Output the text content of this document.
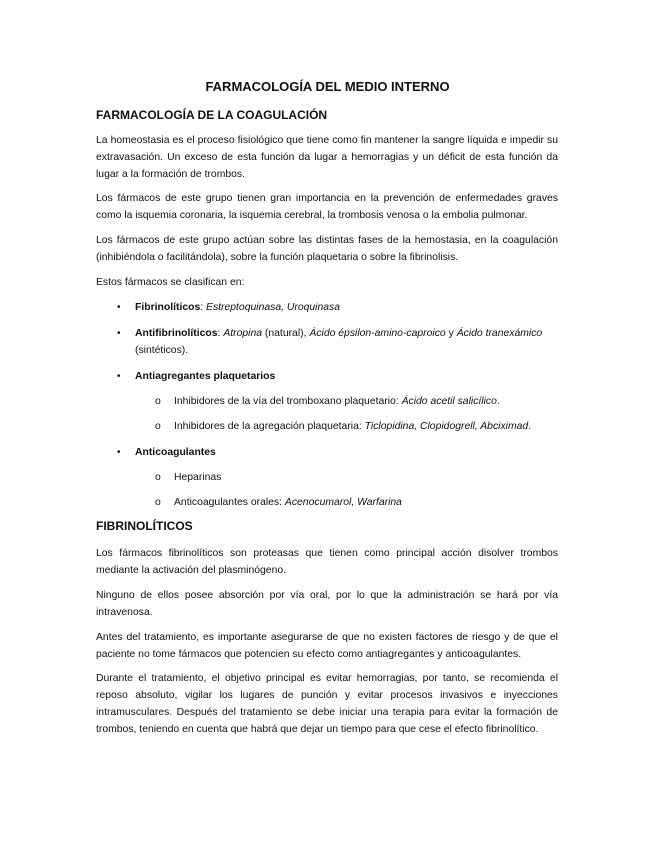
FARMACOLOGÍA DEL MEDIO INTERNO
FARMACOLOGÍA DE LA COAGULACIÓN

La homeostasia es el proceso fisiológico que tiene como fin mantener la sangre líquida e impedir su extravasación. Un exceso de esta función da lugar a hemorragias y un déficit de esta función da lugar a la formación de trombos.

Los fármacos de este grupo tienen gran importancia en la prevención de enfermedades graves como la isquemia coronaria, la isquemia cerebral, la trombosis venosa o la embolia pulmonar.

Los fármacos de este grupo actúan sobre las distintas fases de la hemostasia, en la coagulación (inhibiéndola o facilitándola), sobre la función plaquetaria o sobre la fibrinolisis.

Estos fármacos se clasifican en:

• Fibrinolíticos: Estreptoquinasa, Uroquinasa
• Antifibrinolíticos: Atropina (natural), Ácido épsilon-amino-caproico y Ácido tranexámico
(sintéticos).
• Antiagregantes plaquetarios
o Inhibidores de la vía del tromboxano plaquetario: Ácido acetil salicílico.
o Inhibidores de la agregación plaquetaria: Ticlopidina, Clopidogrell, Abciximad.
• Anticoagulantes
o Heparinas
o Anticoagulantes orales: Acenocumarol, Warfarina
FIBRINOLÍTICOS

Los fármacos fibrinolíticos son proteasas que tienen como principal acción disolver trombos mediante la activación del plasminógeno.

Ninguno de ellos posee absorción por vía oral, por lo que la administración se hará por vía intravenosa.

Antes del tratamiento, es importante asegurarse de que no existen factores de riesgo y de que el paciente no tome fármacos que potencien su efecto como antiagregantes y anticoagulantes.

Durante el tratamiento, el objetivo principal es evitar hemorragias, por tanto, se recomienda el reposo absoluto, vigilar los lugares de punción y evitar procesos invasivos e inyecciones intramusculares. Después del tratamiento se debe iniciar una terapia para evitar la formación de trombos, teniendo en cuenta que habrá que dejar un tiempo para que cese el efecto fibrinolítico.
